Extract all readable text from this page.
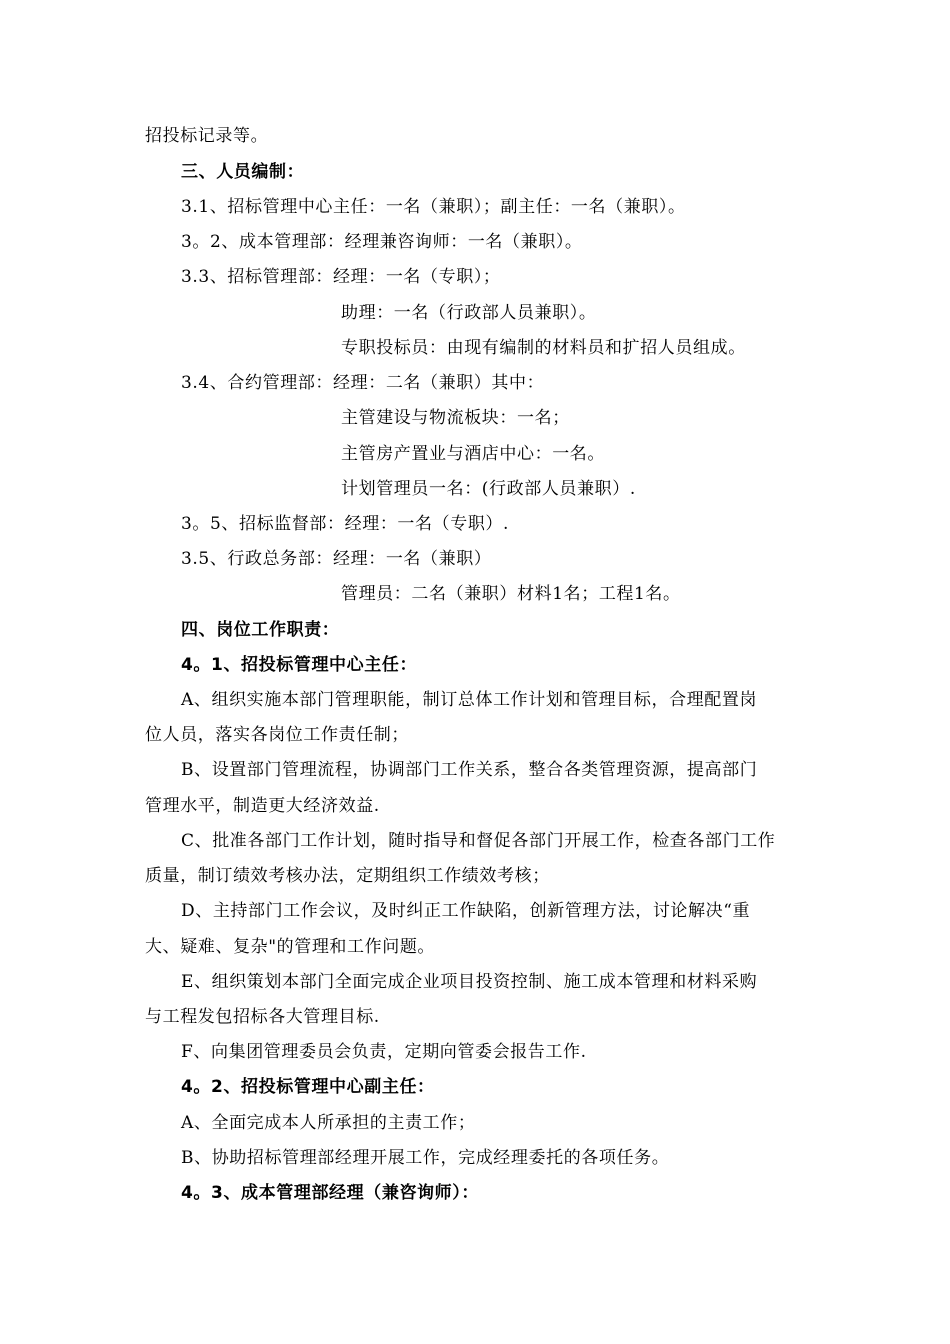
招投标记录等。
三、人员编制：
3.1、招标管理中心主任：一名（兼职）；副主任：一名（兼职）。
3。2、成本管理部：经理兼咨询师：一名（兼职）。
3.3、招标管理部：经理：一名（专职）；
助理：一名（行政部人员兼职）。
专职投标员：由现有编制的材料员和扩招人员组成。
3.4、合约管理部：经理：二名（兼职）其中：
主管建设与物流板块：一名；
主管房产置业与酒店中心：一名。
计划管理员一名：(行政部人员兼职）.
3。5、招标监督部：经理：一名（专职）.
3.5、行政总务部：经理：一名（兼职）
管理员：二名（兼职）材料1名；工程1名。
四、岗位工作职责：
4。1、招投标管理中心主任：
A、组织实施本部门管理职能，制订总体工作计划和管理目标，合理配置岗
位人员，落实各岗位工作责任制；
B、设置部门管理流程，协调部门工作关系，整合各类管理资源，提高部门
管理水平，制造更大经济效益.
C、批准各部门工作计划，随时指导和督促各部门开展工作，检查各部门工作
质量，制订绩效考核办法，定期组织工作绩效考核；
D、主持部门工作会议，及时纠正工作缺陷，创新管理方法，讨论解决“重
大、疑难、复杂"的管理和工作问题。
E、组织策划本部门全面完成企业项目投资控制、施工成本管理和材料采购
与工程发包招标各大管理目标.
F、向集团管理委员会负责，定期向管委会报告工作.
4。2、招投标管理中心副主任：
A、全面完成本人所承担的主责工作；
B、协助招标管理部经理开展工作，完成经理委托的各项任务。
4。3、成本管理部经理（兼咨询师）：
